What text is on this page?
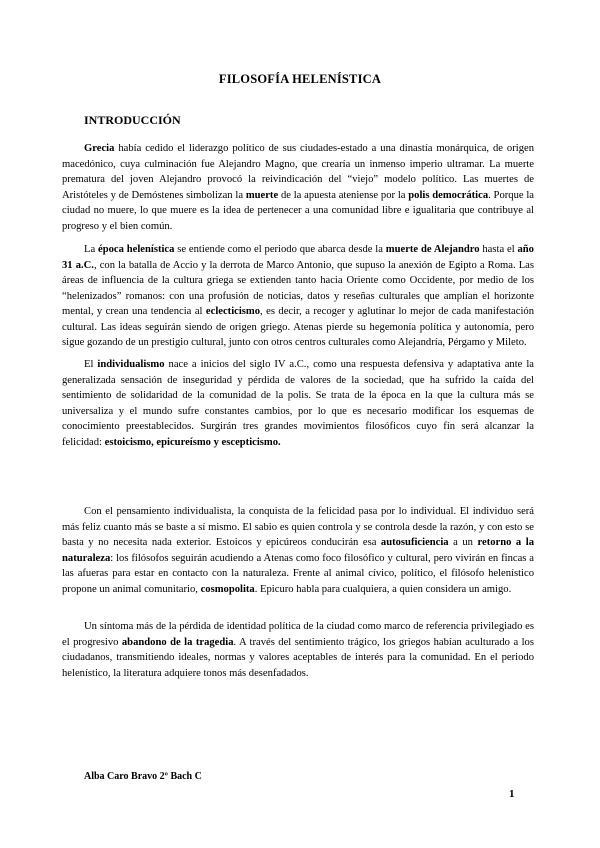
FILOSOFÍA HELENÍSTICA
INTRODUCCIÓN

Grecia había cedido el liderazgo político de sus ciudades-estado a una dinastía monárquica, de origen macedónico, cuya culminación fue Alejandro Magno, que crearía un inmenso imperio ultramar. La muerte prematura del joven Alejandro provocó la reivindicación del “viejo” modelo político. Las muertes de Aristóteles y de Demóstenes simbolizan la muerte de la apuesta ateniense por la polis democrática. Porque la ciudad no muere, lo que muere es la idea de pertenecer a una comunidad libre e igualitaria que contribuye al progreso y el bien común.

La época helenística se entiende como el periodo que abarca desde la muerte de Alejandro hasta el año 31 a.C., con la batalla de Accio y la derrota de Marco Antonio, que supuso la anexión de Egipto a Roma. Las áreas de influencia de la cultura griega se extienden tanto hacia Oriente como Occidente, por medio de los “helenizados” romanos: con una profusión de noticias, datos y reseñas culturales que amplían el horizonte mental, y crean una tendencia al eclecticismo, es decir, a recoger y aglutinar lo mejor de cada manifestación cultural. Las ideas seguirán siendo de origen griego. Atenas pierde su hegemonía política y autonomía, pero sigue gozando de un prestigio cultural, junto con otros centros culturales como Alejandría, Pérgamo y Mileto.

El individualismo nace a inicios del siglo IV a.C., como una respuesta defensiva y adaptativa ante la generalizada sensación de inseguridad y pérdida de valores de la sociedad, que ha sufrido la caída del sentimiento de solidaridad de la comunidad de la polis. Se trata de la época en la que la cultura más se universaliza y el mundo sufre constantes cambios, por lo que es necesario modificar los esquemas de conocimiento preestablecidos. Surgirán tres grandes movimientos filosóficos cuyo fin será alcanzar la felicidad: estoicismo, epicureísmo y escepticismo.

Con el pensamiento individualista, la conquista de la felicidad pasa por lo individual. El individuo será más feliz cuanto más se baste a sí mismo. El sabio es quien controla y se controla desde la razón, y con esto se basta y no necesita nada exterior. Estoicos y epicúreos conducirán esa autosuficiencia a un retorno a la naturaleza: los filósofos seguirán acudiendo a Atenas como foco filosófico y cultural, pero vivirán en fincas a las afueras para estar en contacto con la naturaleza. Frente al animal cívico, político, el filósofo helenístico propone un animal comunitario, cosmopolita. Epicuro habla para cualquiera, a quien considera un amigo.

Un síntoma más de la pérdida de identidad política de la ciudad como marco de referencia privilegiado es el progresivo abandono de la tragedia. A través del sentimiento trágico, los griegos habían aculturado a los ciudadanos, transmitiendo ideales, normas y valores aceptables de interés para la comunidad. En el periodo helenístico, la literatura adquiere tonos más desenfadados.

Alba Caro Bravo 2º Bach C
1
